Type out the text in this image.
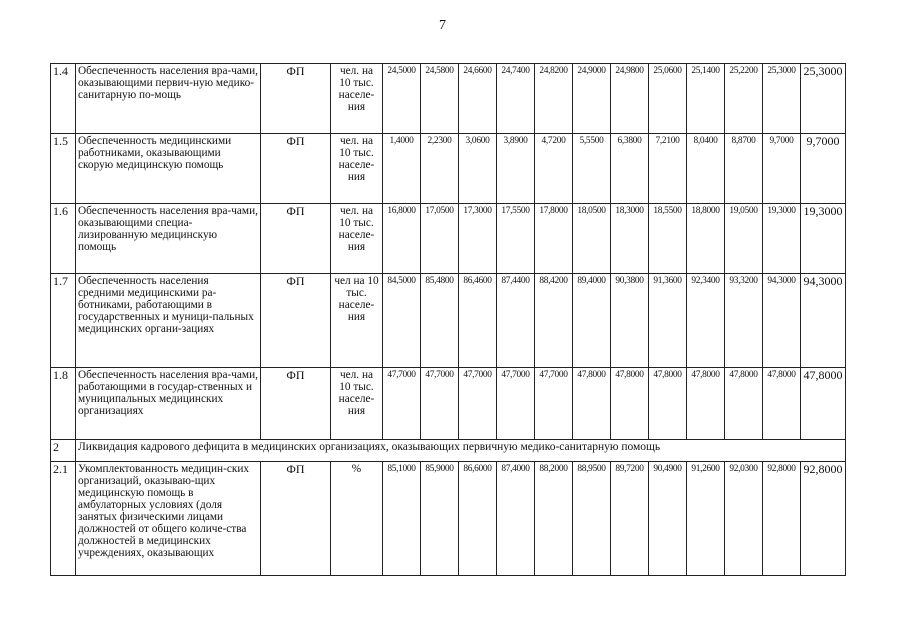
7
1.4	Обеспеченность населения вра-чами, оказывающими первич-ную медико-санитарную по-мощь	ФП	чел. на 10 тыс. населе-ния	24,5000	24,5800	24,6600	24,7400	24,8200	24,9000	24,9800	25,0600	25,1400	25,2200	25,3000	25,3000
1.5	Обеспеченность медицинскими работниками, оказывающими скорую медицинскую помощь	ФП	чел. на 10 тыс. населе-ния	1,4000	2,2300	3,0600	3,8900	4,7200	5,5500	6,3800	7,2100	8,0400	8,8700	9,7000	9,7000
1.6	Обеспеченность населения вра-чами, оказывающими специа-лизированную медицинскую помощь	ФП	чел. на 10 тыс. населе-ния	16,8000	17,0500	17,3000	17,5500	17,8000	18,0500	18,3000	18,5500	18,8000	19,0500	19,3000	19,3000
1.7	Обеспеченность населения средними медицинскими ра-ботниками, работающими в государственных и муници-пальных медицинских органи-зациях	ФП	чел на 10 тыс. населе-ния	84,5000	85,4800	86,4600	87,4400	88,4200	89,4000	90,3800	91,3600	92,3400	93,3200	94,3000	94,3000
1.8	Обеспеченность населения вра-чами, работающими в государ-ственных и муниципальных медицинских организациях	ФП	чел. на 10 тыс. населе-ния	47,7000	47,7000	47,7000	47,7000	47,7000	47,8000	47,8000	47,8000	47,8000	47,8000	47,8000	47,8000
2	Ликвидация кадрового дефицита в медицинских организациях, оказывающих первичную медико-санитарную помощь														
2.1	Укомплектованность медицин-ских организаций, оказываю-щих медицинскую помощь в амбулаторных условиях (доля занятых физическими лицами должностей от общего количе-ства должностей в медицинских учреждениях, оказывающих	ФП	%	85,1000	85,9000	86,6000	87,4000	88,2000	88,9500	89,7200	90,4900	91,2600	92,0300	92,8000	92,8000
